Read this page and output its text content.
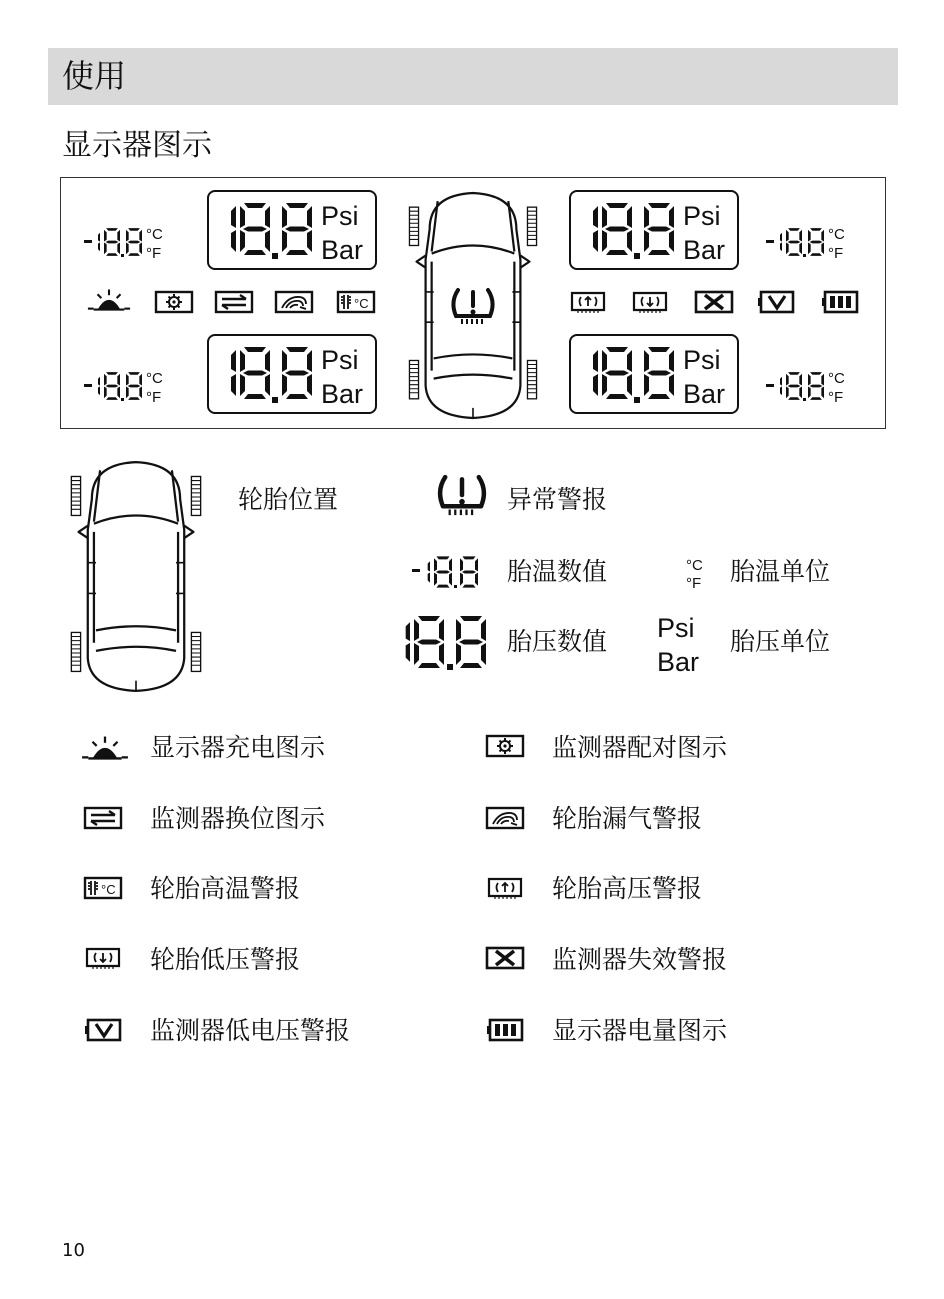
使用
显示器图示
Psi
Bar
Psi
Bar
Psi
Bar
Psi
Bar
°C
°F
°C
°F
°C
°F
°C
°F
轮胎位置	异常警报
胎温数值	°C
°F 胎温单位
胎压数值 Psi
Bar
胎压单位
显示器充电图示
监测器换位图示
轮胎高温警报
轮胎低压警报
监测器低电压警报
监测器配对图示
轮胎漏气警报
轮胎高压警报
监测器失效警报
显示器电量图示
10
